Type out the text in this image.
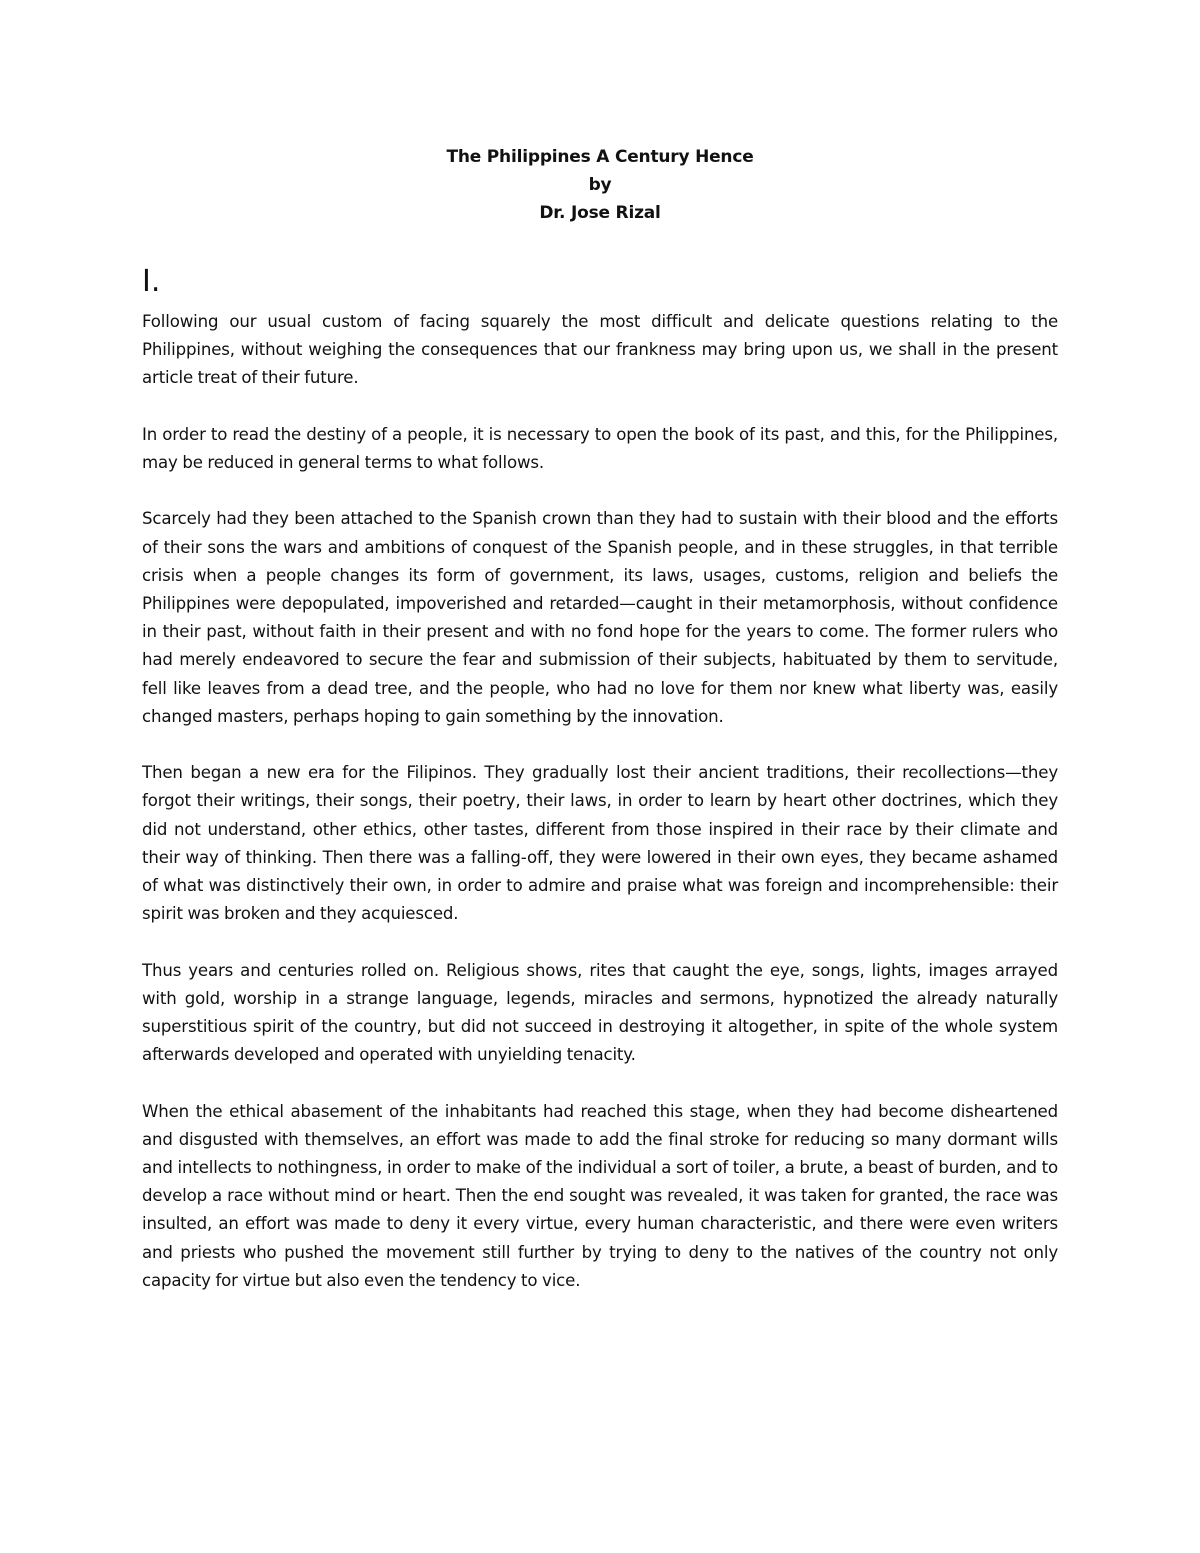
The Philippines A Century Hence
by
Dr. Jose Rizal
I.

Following our usual custom of facing squarely the most difficult and delicate questions relating to the Philippines, without weighing the consequences that our frankness may bring upon us, we shall in the present article treat of their future.

In order to read the destiny of a people, it is necessary to open the book of its past, and this, for the Philippines, may be reduced in general terms to what follows.

Scarcely had they been attached to the Spanish crown than they had to sustain with their blood and the efforts of their sons the wars and ambitions of conquest of the Spanish people, and in these struggles, in that terrible crisis when a people changes its form of government, its laws, usages, customs, religion and beliefs the Philippines were depopulated, impoverished and retarded—caught in their metamorphosis, without confidence in their past, without faith in their present and with no fond hope for the years to come. The former rulers who had merely endeavored to secure the fear and submission of their subjects, habituated by them to servitude, fell like leaves from a dead tree, and the people, who had no love for them nor knew what liberty was, easily changed masters, perhaps hoping to gain something by the innovation.

Then began a new era for the Filipinos. They gradually lost their ancient traditions, their recollections—they forgot their writings, their songs, their poetry, their laws, in order to learn by heart other doctrines, which they did not understand, other ethics, other tastes, different from those inspired in their race by their climate and their way of thinking. Then there was a falling-off, they were lowered in their own eyes, they became ashamed of what was distinctively their own, in order to admire and praise what was foreign and incomprehensible: their spirit was broken and they acquiesced.

Thus years and centuries rolled on. Religious shows, rites that caught the eye, songs, lights, images arrayed with gold, worship in a strange language, legends, miracles and sermons, hypnotized the already naturally superstitious spirit of the country, but did not succeed in destroying it altogether, in spite of the whole system afterwards developed and operated with unyielding tenacity.

When the ethical abasement of the inhabitants had reached this stage, when they had become disheartened and disgusted with themselves, an effort was made to add the final stroke for reducing so many dormant wills and intellects to nothingness, in order to make of the individual a sort of toiler, a brute, a beast of burden, and to develop a race without mind or heart. Then the end sought was revealed, it was taken for granted, the race was insulted, an effort was made to deny it every virtue, every human characteristic, and there were even writers and priests who pushed the movement still further by trying to deny to the natives of the country not only capacity for virtue but also even the tendency to vice.
